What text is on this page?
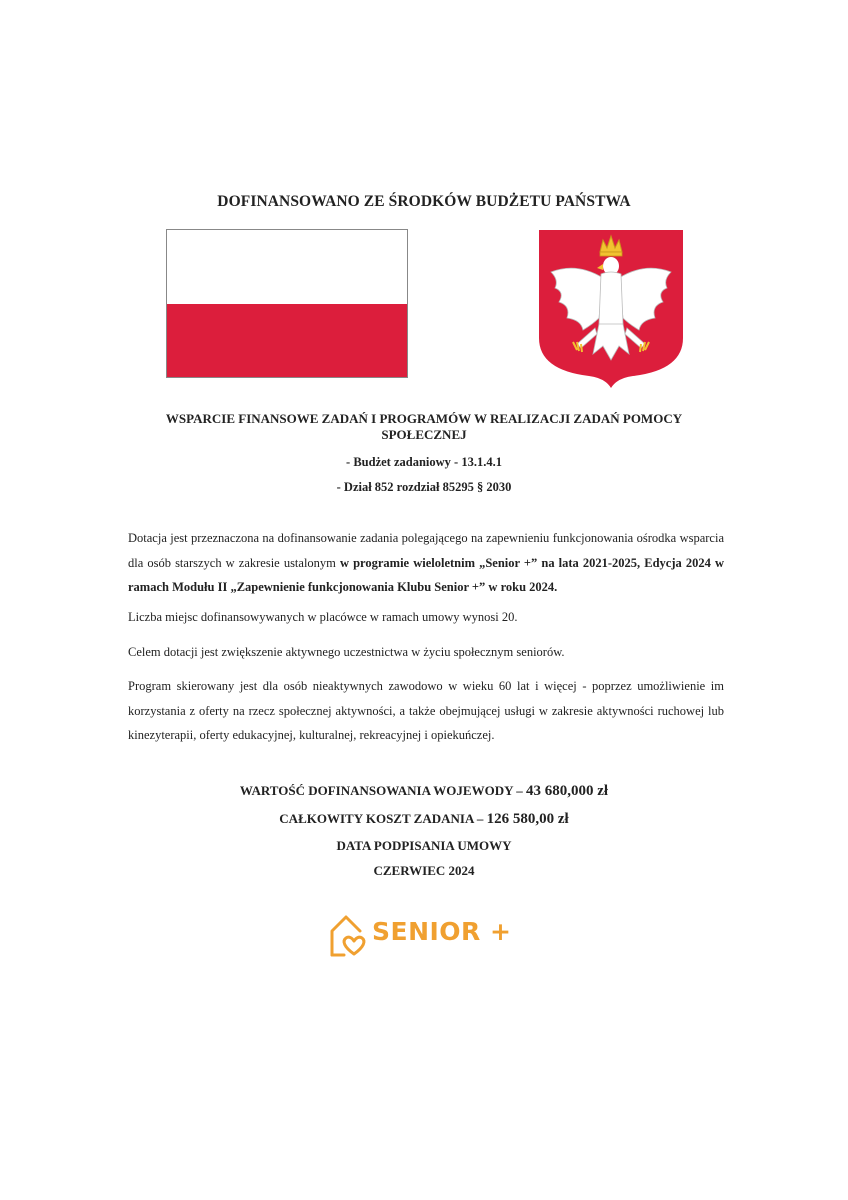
DOFINANSOWANO ZE ŚRODKÓW BUDŻETU PAŃSTWA
WSPARCIE FINANSOWE ZADAŃ I PROGRAMÓW W REALIZACJI ZADAŃ POMOCY SPOŁECZNEJ
- Budżet zadaniowy - 13.1.4.1
- Dział 852 rozdział 85295 § 2030
Dotacja jest przeznaczona na dofinansowanie zadania polegającego na zapewnieniu funkcjonowania ośrodka wsparcia dla osób starszych w zakresie ustalonym w programie wieloletnim „Senior +” na lata 2021-2025, Edycja 2024 w ramach Modułu II „Zapewnienie funkcjonowania Klubu Senior +” w roku 2024.
Liczba miejsc dofinansowywanych w placówce w ramach umowy wynosi 20.
Celem dotacji jest zwiększenie aktywnego uczestnictwa w życiu społecznym seniorów.
Program skierowany jest dla osób nieaktywnych zawodowo w wieku 60 lat i więcej - poprzez umożliwienie im korzystania z oferty na rzecz społecznej aktywności, a także obejmującej usługi w zakresie aktywności ruchowej lub kinezyterapii, oferty edukacyjnej, kulturalnej, rekreacyjnej i opiekuńczej.
WARTOŚĆ DOFINANSOWANIA WOJEWODY – 43 680,000 zł
CAŁKOWITY KOSZT ZADANIA – 126 580,00 zł
DATA PODPISANIA UMOWY
CZERWIEC 2024
SENIOR +
